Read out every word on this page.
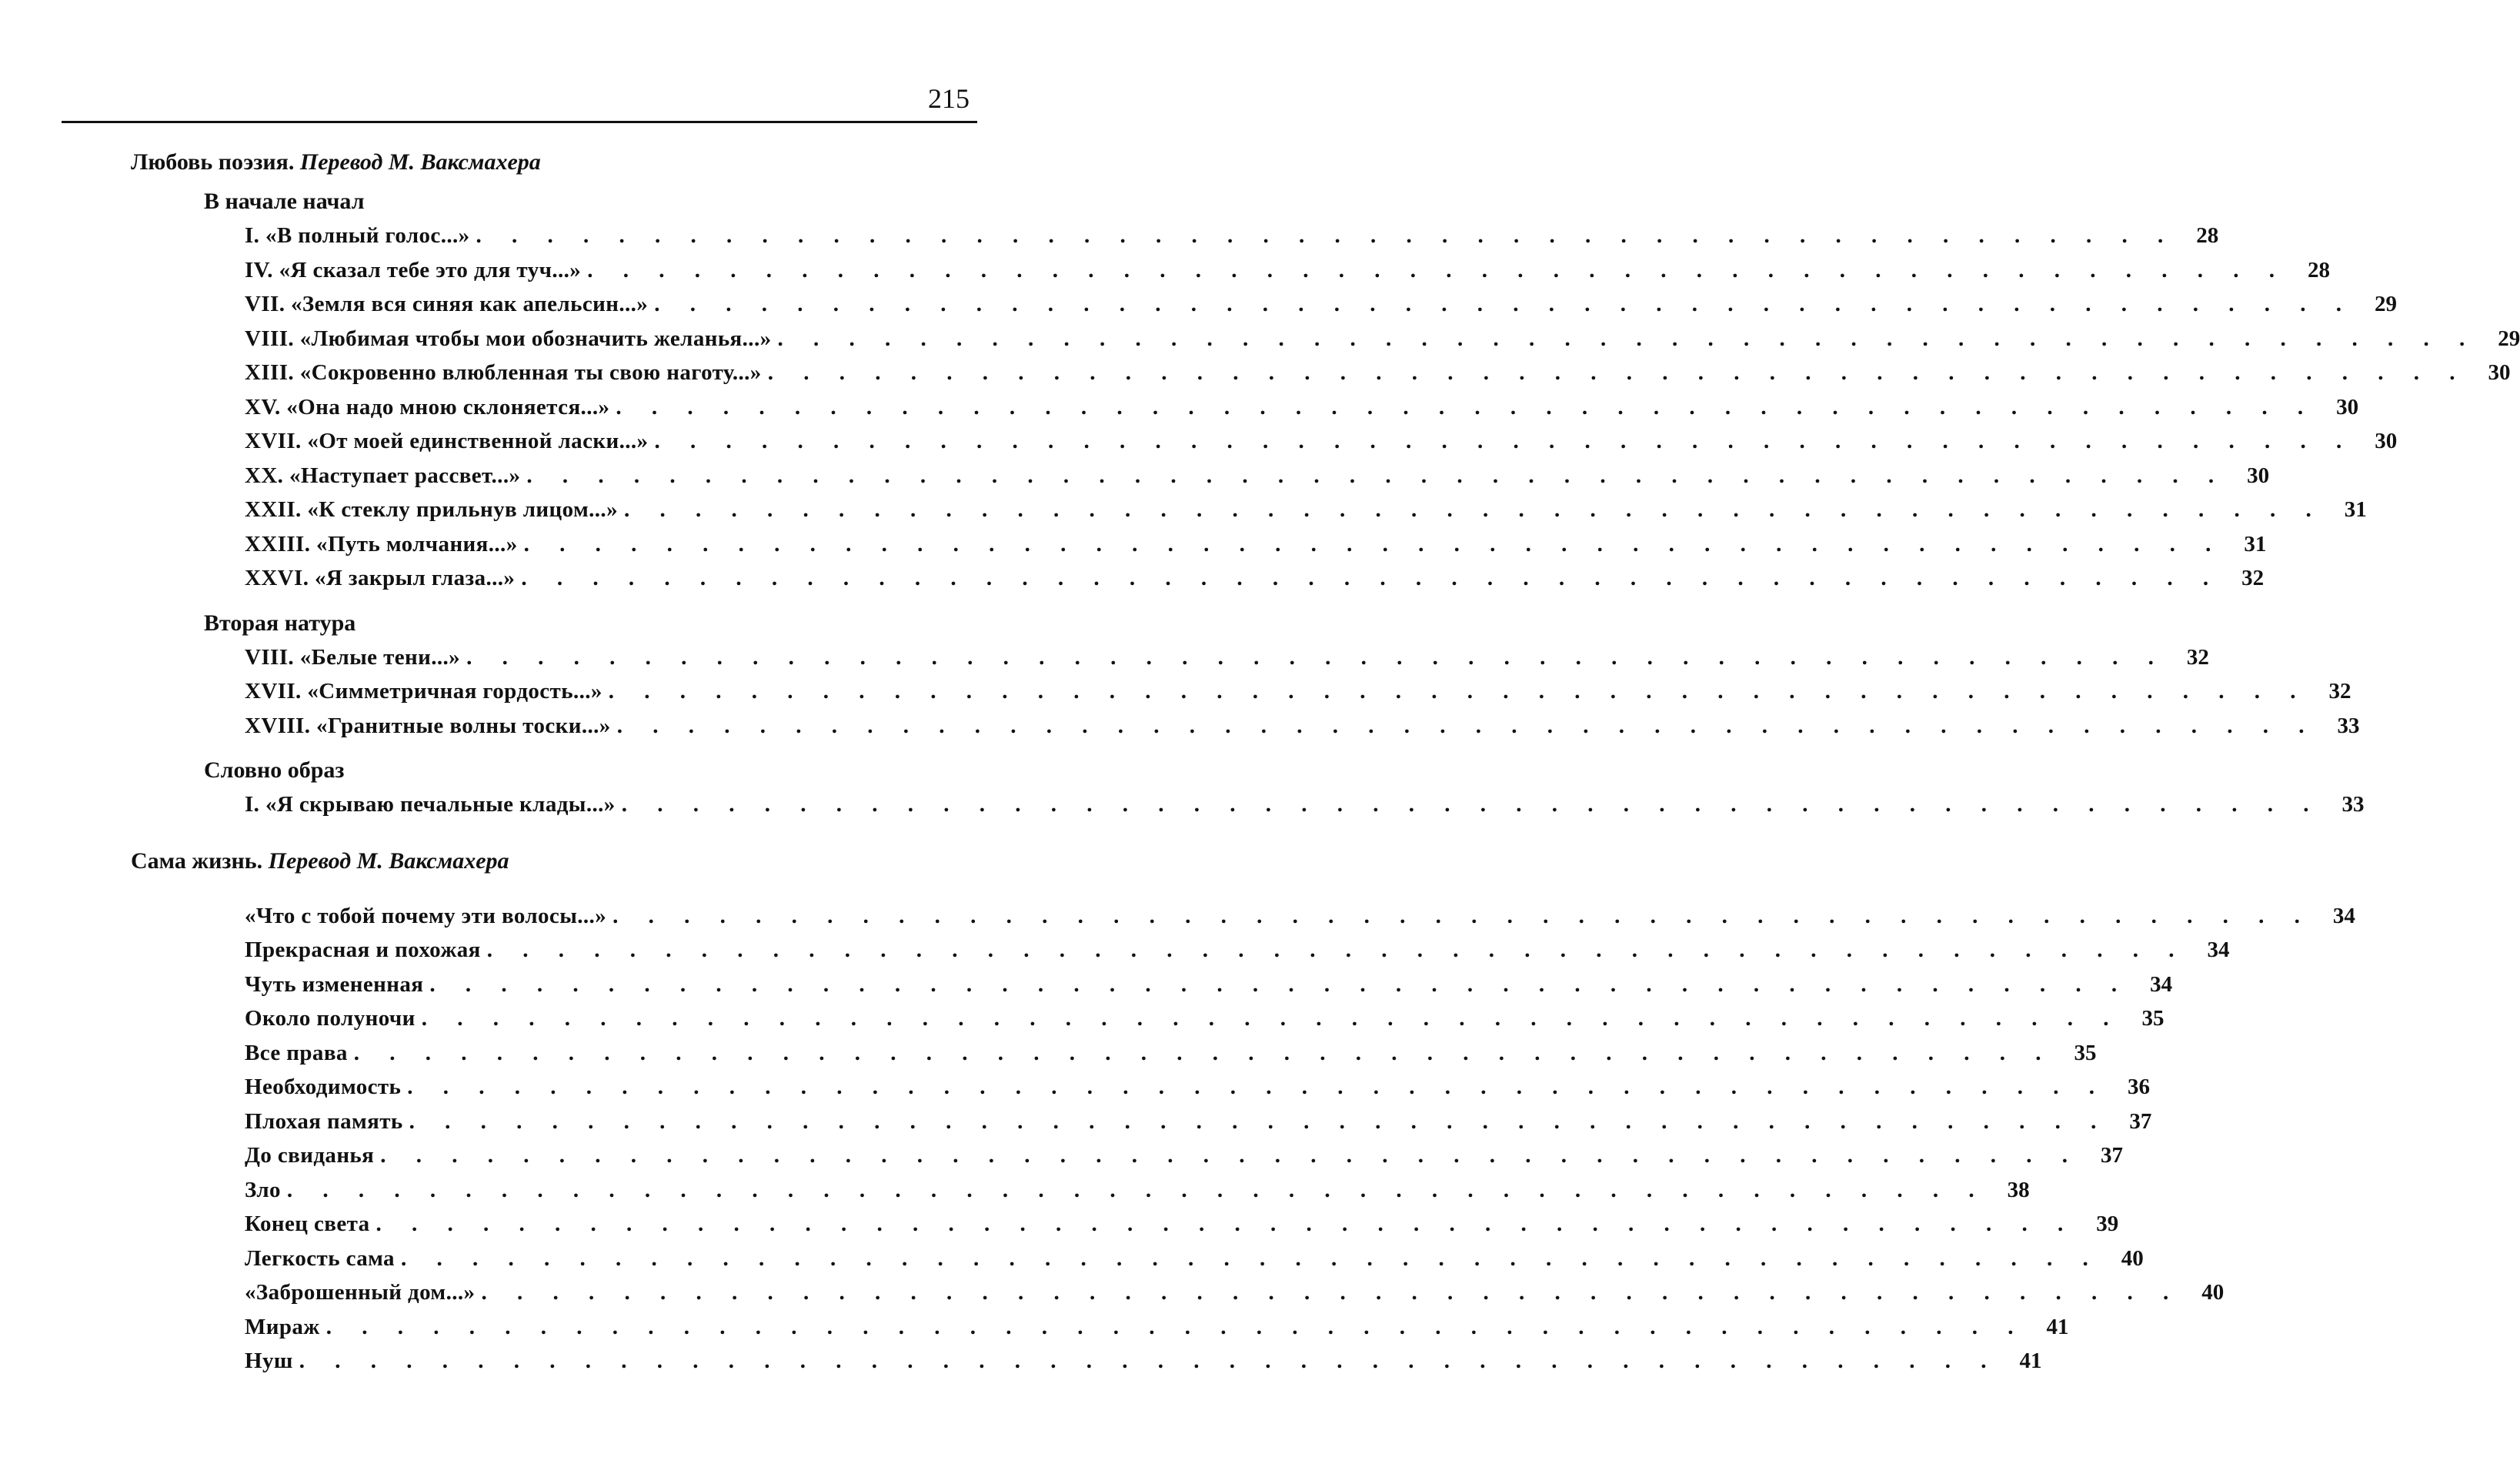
215
Любовь поэзия. Перевод М. Ваксмахера
В начале начал
I. «В полный голос...» . . . . . . . . . . . . . . . . . . . . . . . . . . . . . . . . . . . . . . . . . . . . . . . . 28
IV. «Я сказал тебе это для туч...» . . . . . . . . . . . . . . . . . . . . . . . . . . . . . . . . . . . . . . . . . . . . . . . . 28
VII. «Земля вся синяя как апельсин...» . . . . . . . . . . . . . . . . . . . . . . . . . . . . . . . . . . . . . . . . . . . . . . . . 29
VIII. «Любимая чтобы мои обозначить желанья...» . . . . . . . . . . . . . . . . . . . . . . . . . . . . . . . . . . . . . . . . . . . . . . . . 29
XIII. «Сокровенно влюбленная ты свою наготу...» . . . . . . . . . . . . . . . . . . . . . . . . . . . . . . . . . . . . . . . . . . . . . . . . 30
XV. «Она надо мною склоняется...» . . . . . . . . . . . . . . . . . . . . . . . . . . . . . . . . . . . . . . . . . . . . . . . . 30
XVII. «От моей единственной ласки...» . . . . . . . . . . . . . . . . . . . . . . . . . . . . . . . . . . . . . . . . . . . . . . . . 30
XX. «Наступает рассвет...» . . . . . . . . . . . . . . . . . . . . . . . . . . . . . . . . . . . . . . . . . . . . . . . . 30
XXII. «К стеклу прильнув лицом...» . . . . . . . . . . . . . . . . . . . . . . . . . . . . . . . . . . . . . . . . . . . . . . . . 31
XXIII. «Путь молчания...» . . . . . . . . . . . . . . . . . . . . . . . . . . . . . . . . . . . . . . . . . . . . . . . . 31
XXVI. «Я закрыл глаза...» . . . . . . . . . . . . . . . . . . . . . . . . . . . . . . . . . . . . . . . . . . . . . . . . 32
Вторая натура
VIII. «Белые тени...» . . . . . . . . . . . . . . . . . . . . . . . . . . . . . . . . . . . . . . . . . . . . . . . . 32
XVII. «Симметричная гордость...» . . . . . . . . . . . . . . . . . . . . . . . . . . . . . . . . . . . . . . . . . . . . . . . . 32
XVIII. «Гранитные волны тоски...» . . . . . . . . . . . . . . . . . . . . . . . . . . . . . . . . . . . . . . . . . . . . . . . . 33
Словно образ
I. «Я скрываю печальные клады...» . . . . . . . . . . . . . . . . . . . . . . . . . . . . . . . . . . . . . . . . . . . . . . . . 33
Сама жизнь. Перевод М. Ваксмахера
«Что с тобой почему эти волосы...» . . . . . . . . . . . . . . . . . . . . . . . . . . . . . . . . . . . . . . . . . . . . . . . . 34
Прекрасная и похожая . . . . . . . . . . . . . . . . . . . . . . . . . . . . . . . . . . . . . . . . . . . . . . . . 34
Чуть измененная . . . . . . . . . . . . . . . . . . . . . . . . . . . . . . . . . . . . . . . . . . . . . . . . 34
Около полуночи . . . . . . . . . . . . . . . . . . . . . . . . . . . . . . . . . . . . . . . . . . . . . . . . 35
Все права . . . . . . . . . . . . . . . . . . . . . . . . . . . . . . . . . . . . . . . . . . . . . . . . 35
Необходимость . . . . . . . . . . . . . . . . . . . . . . . . . . . . . . . . . . . . . . . . . . . . . . . . 36
Плохая память . . . . . . . . . . . . . . . . . . . . . . . . . . . . . . . . . . . . . . . . . . . . . . . . 37
До свиданья . . . . . . . . . . . . . . . . . . . . . . . . . . . . . . . . . . . . . . . . . . . . . . . . 37
Зло . . . . . . . . . . . . . . . . . . . . . . . . . . . . . . . . . . . . . . . . . . . . . . . . 38
Конец света . . . . . . . . . . . . . . . . . . . . . . . . . . . . . . . . . . . . . . . . . . . . . . . . 39
Легкость сама . . . . . . . . . . . . . . . . . . . . . . . . . . . . . . . . . . . . . . . . . . . . . . . . 40
«Заброшенный дом...» . . . . . . . . . . . . . . . . . . . . . . . . . . . . . . . . . . . . . . . . . . . . . . . . 40
Мираж . . . . . . . . . . . . . . . . . . . . . . . . . . . . . . . . . . . . . . . . . . . . . . . . 41
Нуш . . . . . . . . . . . . . . . . . . . . . . . . . . . . . . . . . . . . . . . . . . . . . . . . 41
